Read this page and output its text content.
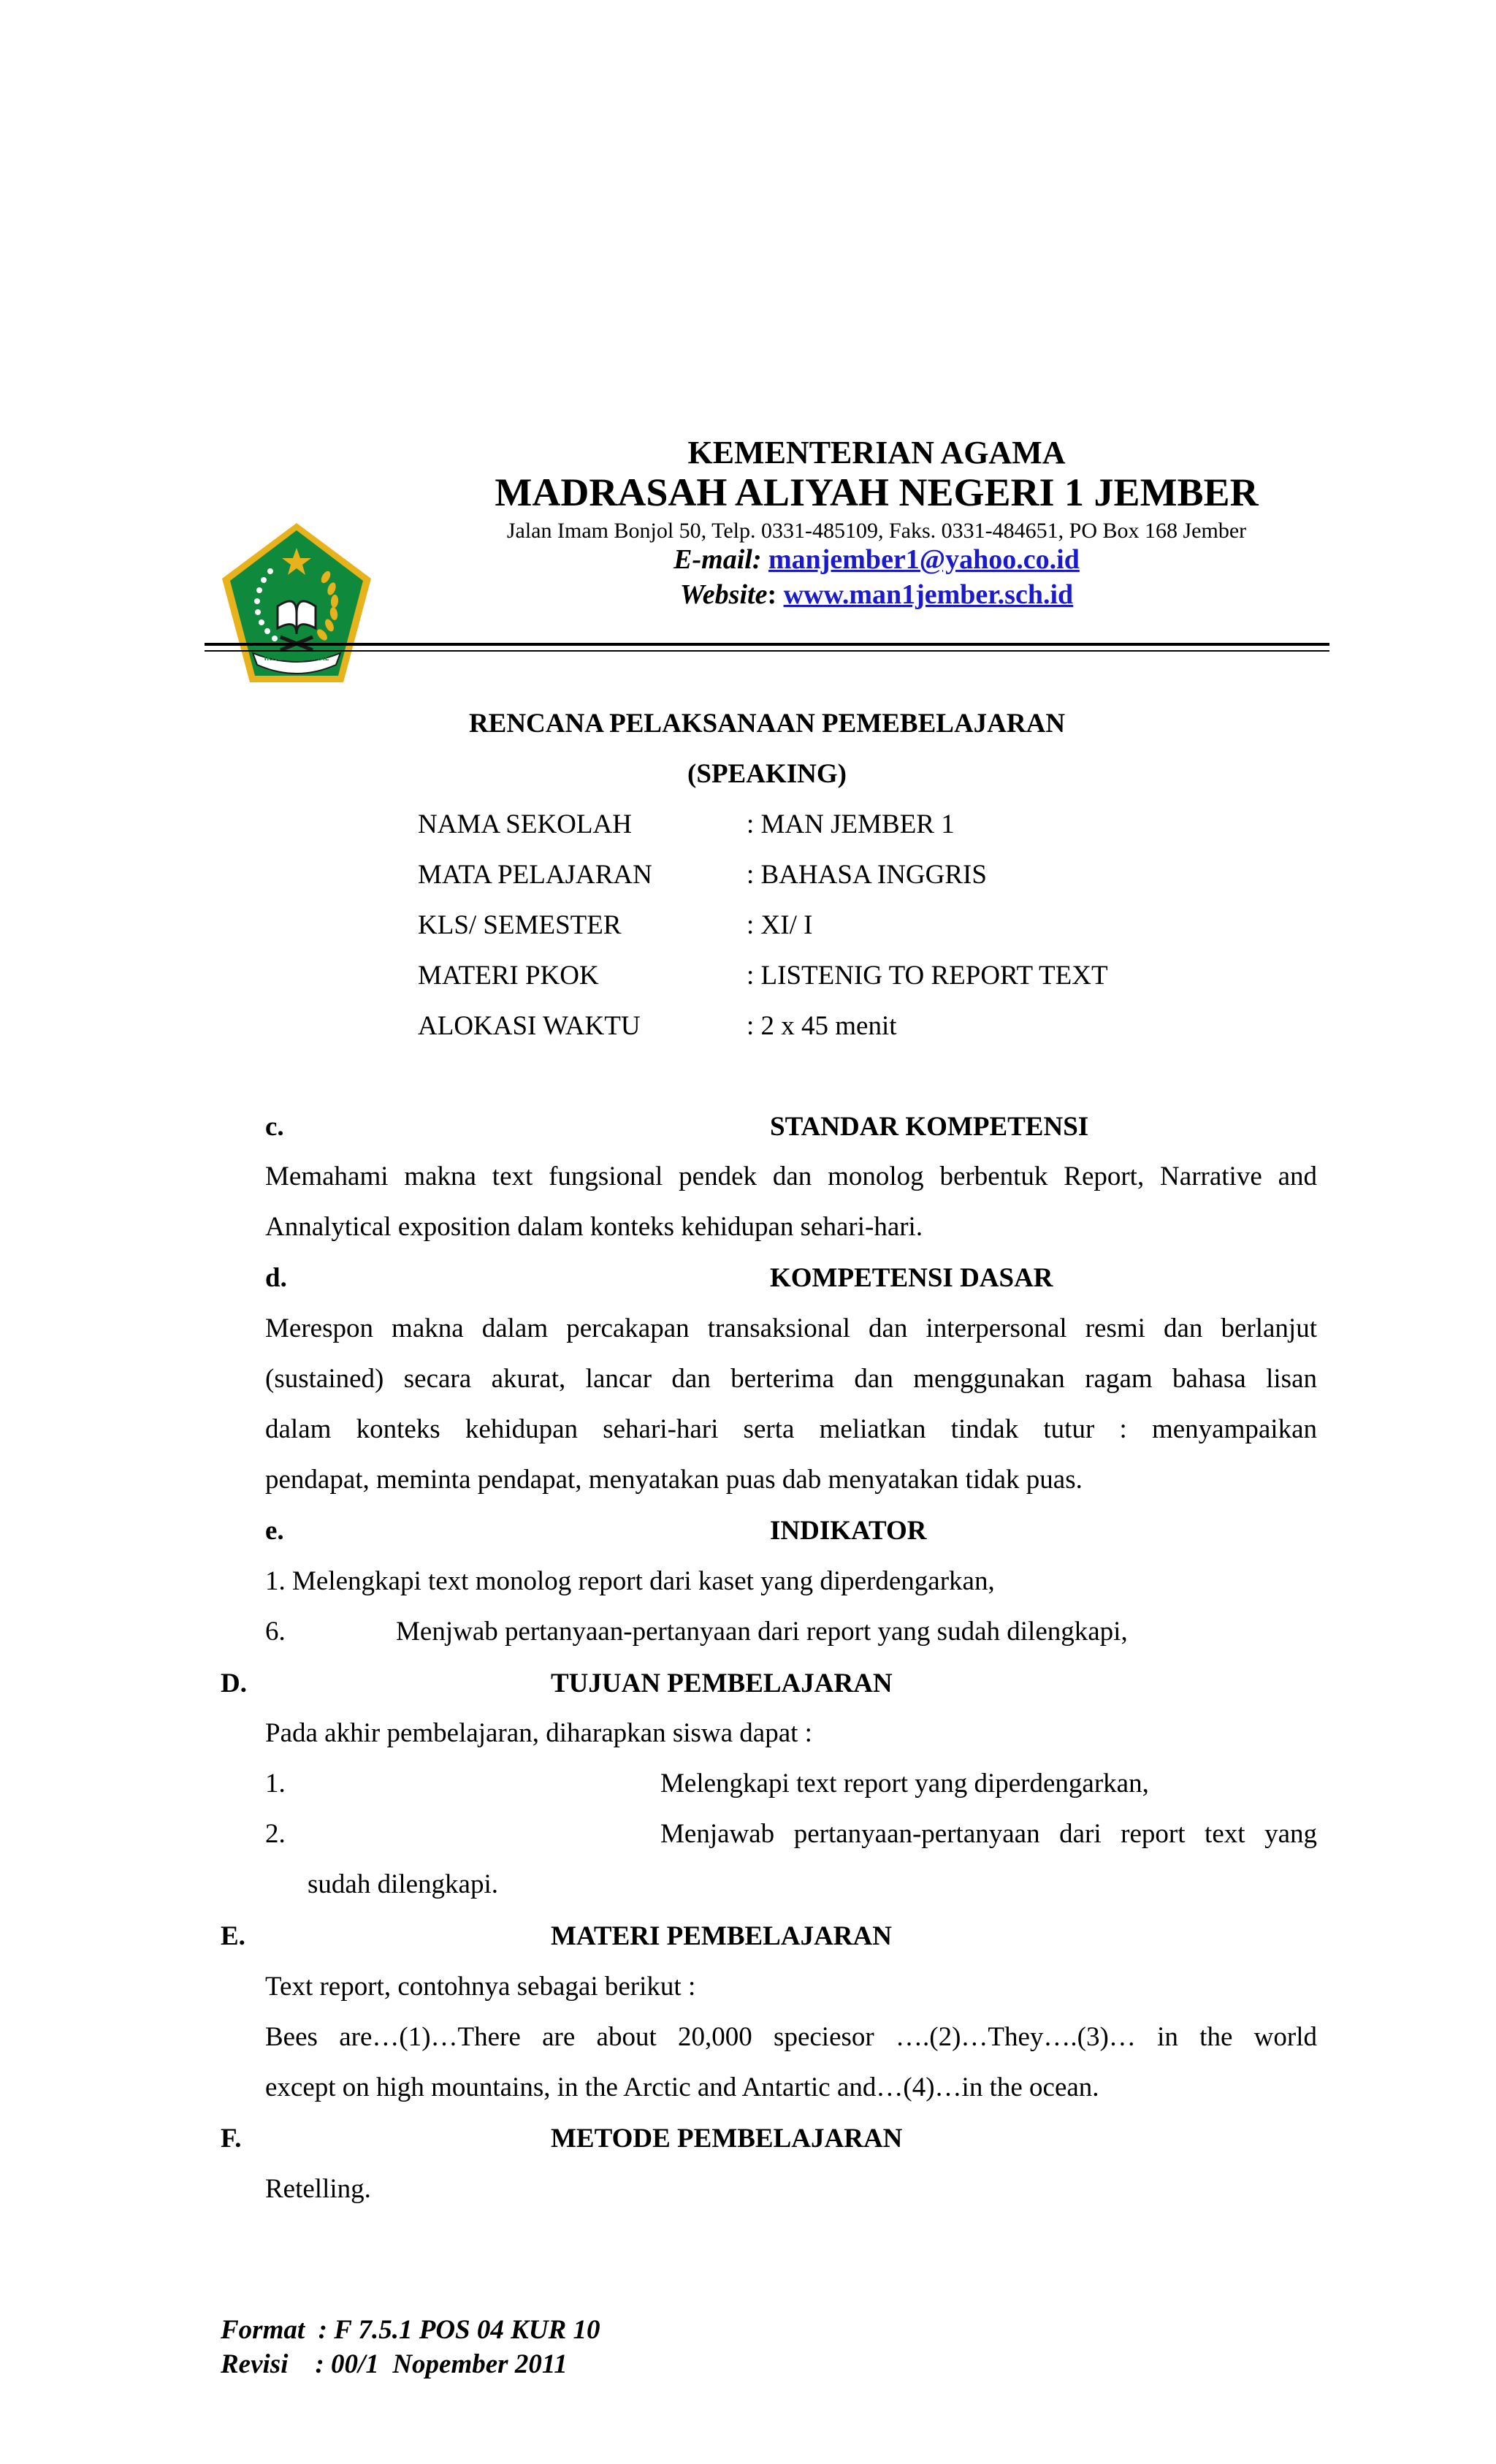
IKHLAS BERAMAL
KEMENTERIAN AGAMA
MADRASAH ALIYAH NEGERI 1 JEMBER
Jalan Imam Bonjol 50, Telp. 0331-485109, Faks. 0331-484651, PO Box 168 Jember
E-mail: manjember1@yahoo.co.id
Website: www.man1jember.sch.id
RENCANA PELAKSANAAN PEMEBELAJARAN
(SPEAKING)
NAMA SEKOLAH	: MAN JEMBER 1
MATA PELAJARAN	: BAHASA INGGRIS
KLS/ SEMESTER	: XI/ I
MATERI PKOK	: LISTENIG TO REPORT TEXT
ALOKASI WAKTU	: 2 x 45 menit
c.	STANDAR KOMPETENSI
Memahami makna text fungsional pendek dan monolog berbentuk Report, Narrative and
Annalytical exposition dalam konteks kehidupan sehari-hari.
d.	KOMPETENSI DASAR
Merespon makna dalam percakapan transaksional dan interpersonal resmi dan berlanjut
(sustained) secara akurat, lancar dan berterima dan menggunakan ragam bahasa lisan
dalam konteks kehidupan sehari-hari serta meliatkan tindak tutur : menyampaikan
pendapat, meminta pendapat, menyatakan puas dab menyatakan tidak puas.
e.	INDIKATOR
1. Melengkapi text monolog report dari kaset yang diperdengarkan,
6.	Menjwab pertanyaan-pertanyaan dari report yang sudah dilengkapi,
D.	TUJUAN PEMBELAJARAN
Pada akhir pembelajaran, diharapkan siswa dapat :
1.	Melengkapi text report yang diperdengarkan,
2.	Menjawab pertanyaan-pertanyaan dari report text yang
sudah dilengkapi.
E.	MATERI PEMBELAJARAN
Text report, contohnya sebagai berikut :
Bees are…(1)…There are about 20,000 speciesor ….(2)…They….(3)… in the world
except on high mountains, in the Arctic and Antartic and…(4)…in the ocean.
F.	METODE PEMBELAJARAN
Retelling.
Format  : F 7.5.1 POS 04 KUR 10
Revisi    : 00/1  Nopember 2011
